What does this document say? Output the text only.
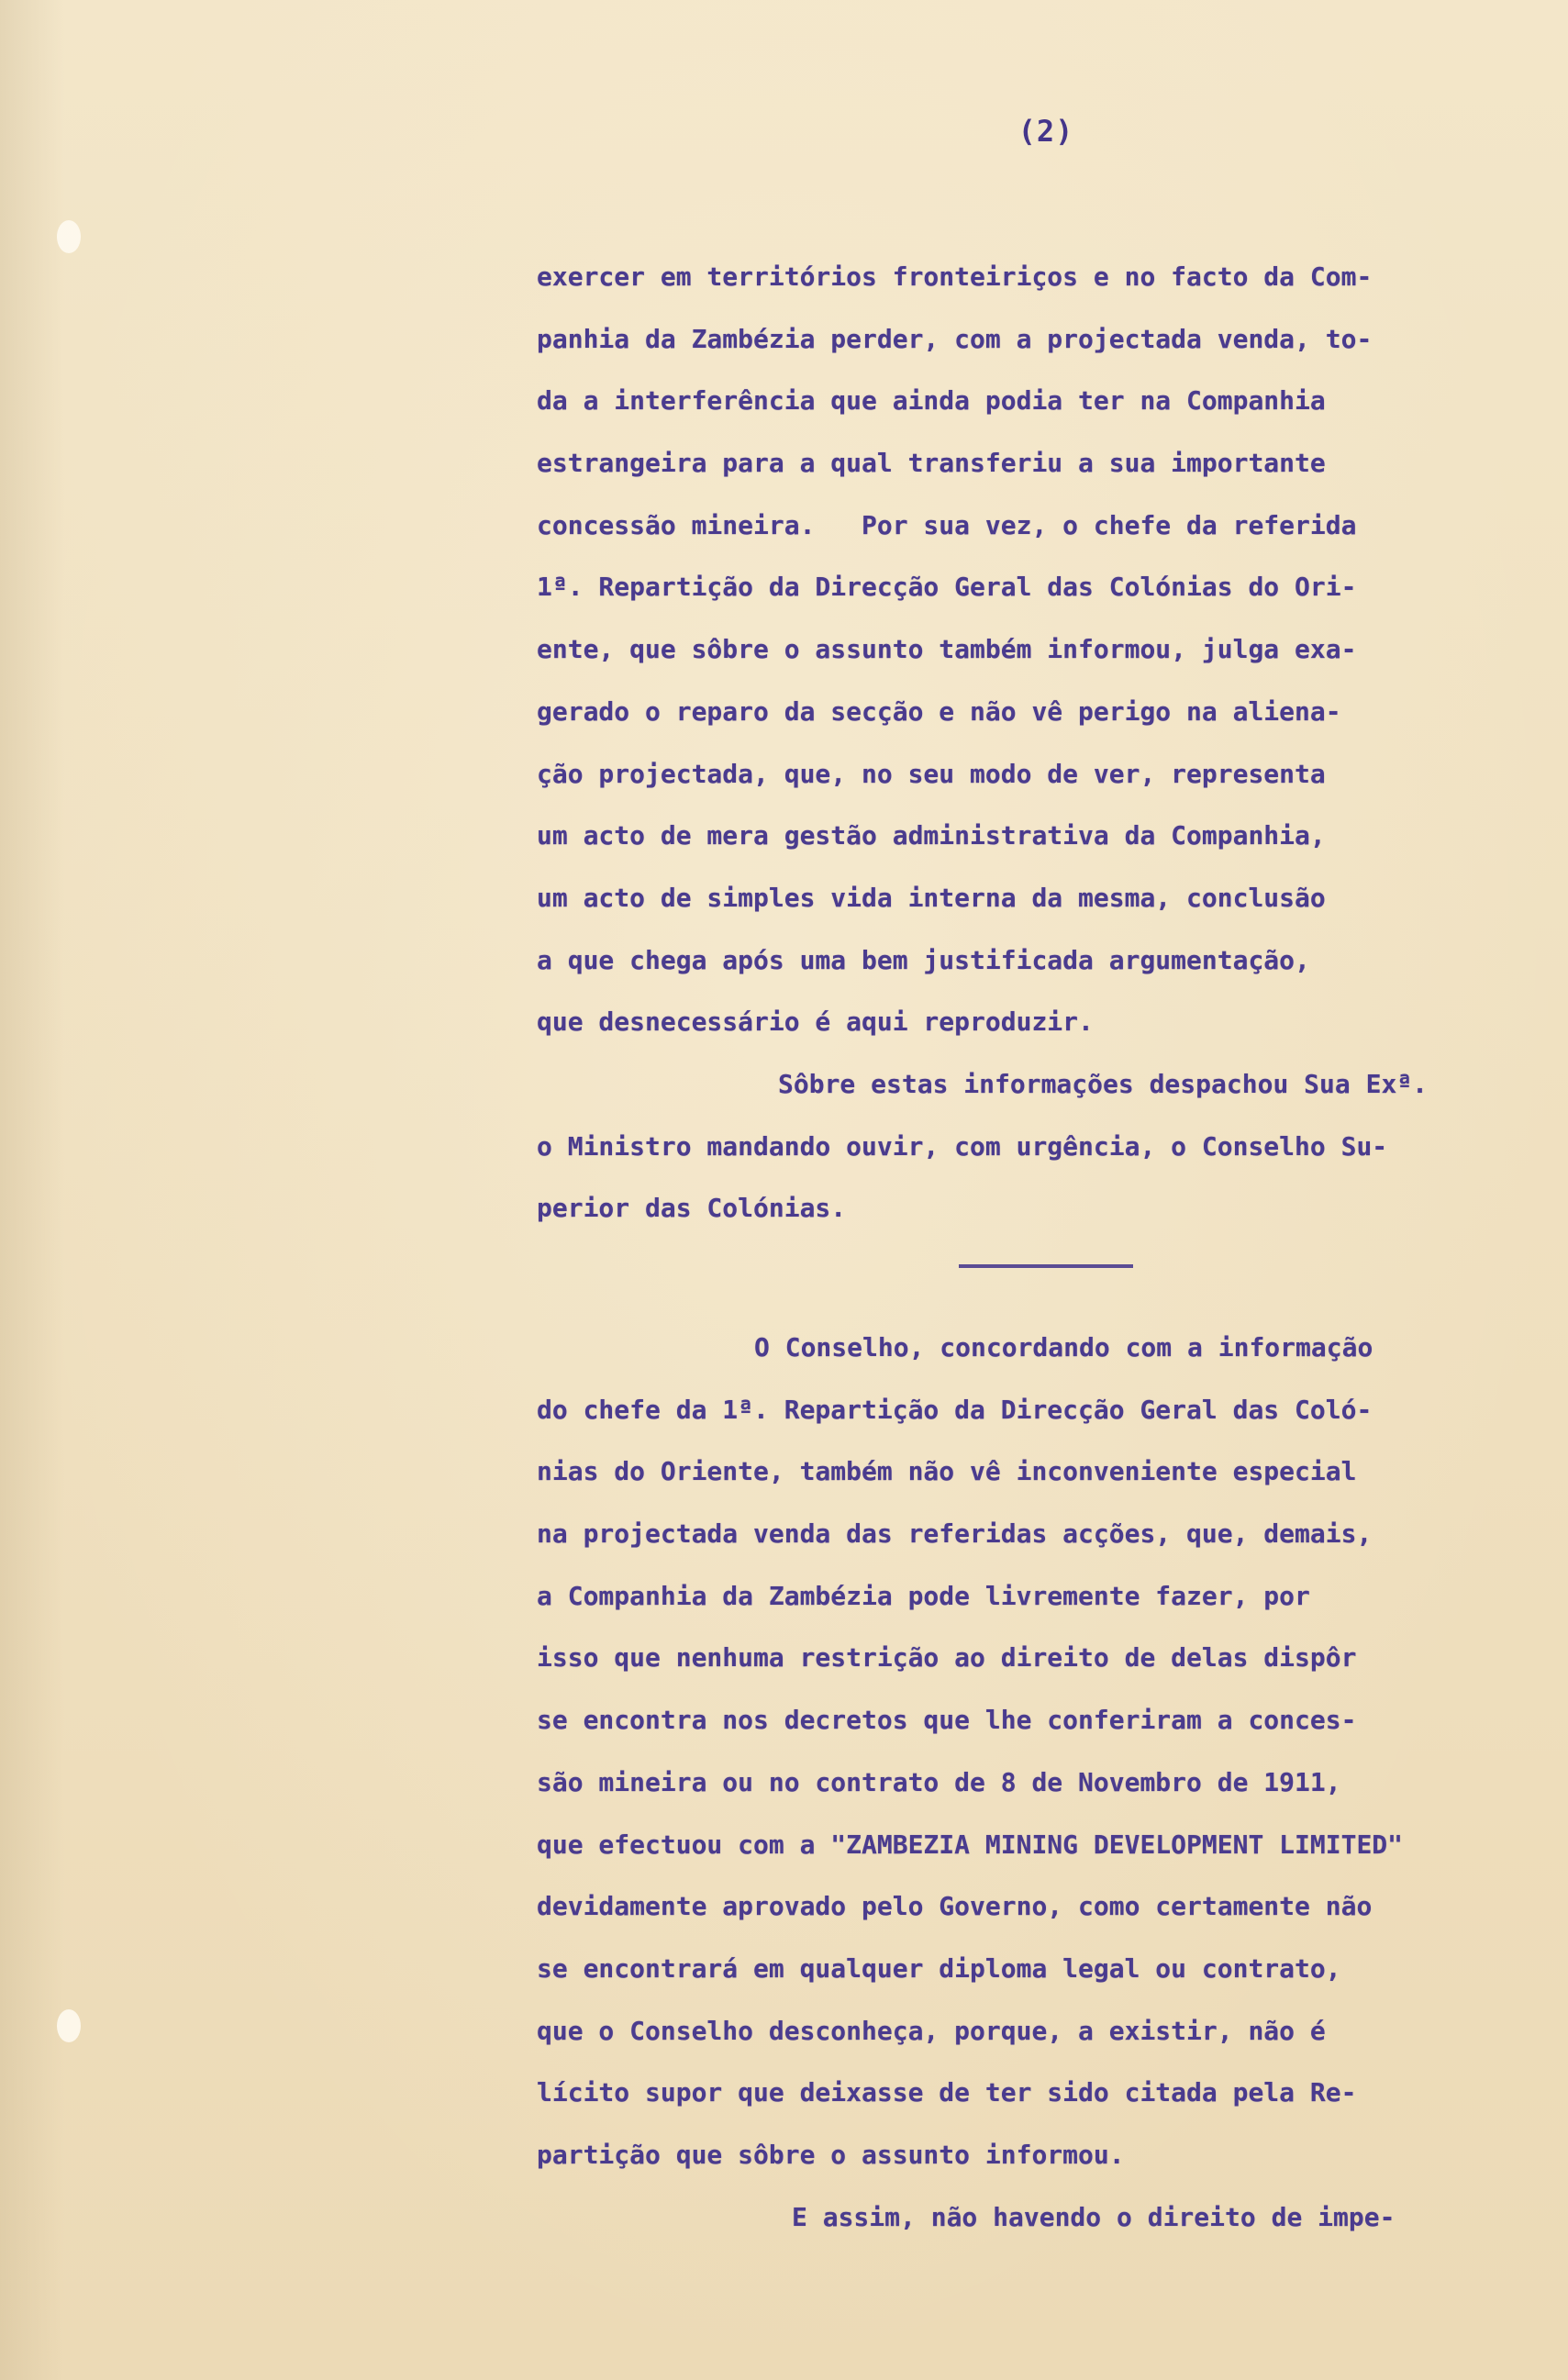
(2)
exercer em territórios fronteiriços e no facto da Com-
panhia da Zambézia perder, com a projectada venda, to-
da a interferência que ainda podia ter na Companhia
estrangeira para a qual transferiu a sua importante
concessão mineira.   Por sua vez, o chefe da referida
1ª. Repartição da Direcção Geral das Colónias do Ori-
ente, que sôbre o assunto também informou, julga exa-
gerado o reparo da secção e não vê perigo na aliena-
ção projectada, que, no seu modo de ver, representa
um acto de mera gestão administrativa da Companhia,
um acto de simples vida interna da mesma, conclusão
a que chega após uma bem justificada argumentação,
que desnecessário é aqui reproduzir.
Sôbre estas informações despachou Sua Exª.
o Ministro mandando ouvir, com urgência, o Conselho Su-
perior das Colónias.
O Conselho, concordando com a informação
do chefe da 1ª. Repartição da Direcção Geral das Coló-
nias do Oriente, também não vê inconveniente especial
na projectada venda das referidas acções, que, demais,
a Companhia da Zambézia pode livremente fazer, por
isso que nenhuma restrição ao direito de delas dispôr
se encontra nos decretos que lhe conferiram a conces-
são mineira ou no contrato de 8 de Novembro de 1911,
que efectuou com a "ZAMBEZIA MINING DEVELOPMENT LIMITED"
devidamente aprovado pelo Governo, como certamente não
se encontrará em qualquer diploma legal ou contrato,
que o Conselho desconheça, porque, a existir, não é
lícito supor que deixasse de ter sido citada pela Re-
partição que sôbre o assunto informou.
E assim, não havendo o direito de impe-
